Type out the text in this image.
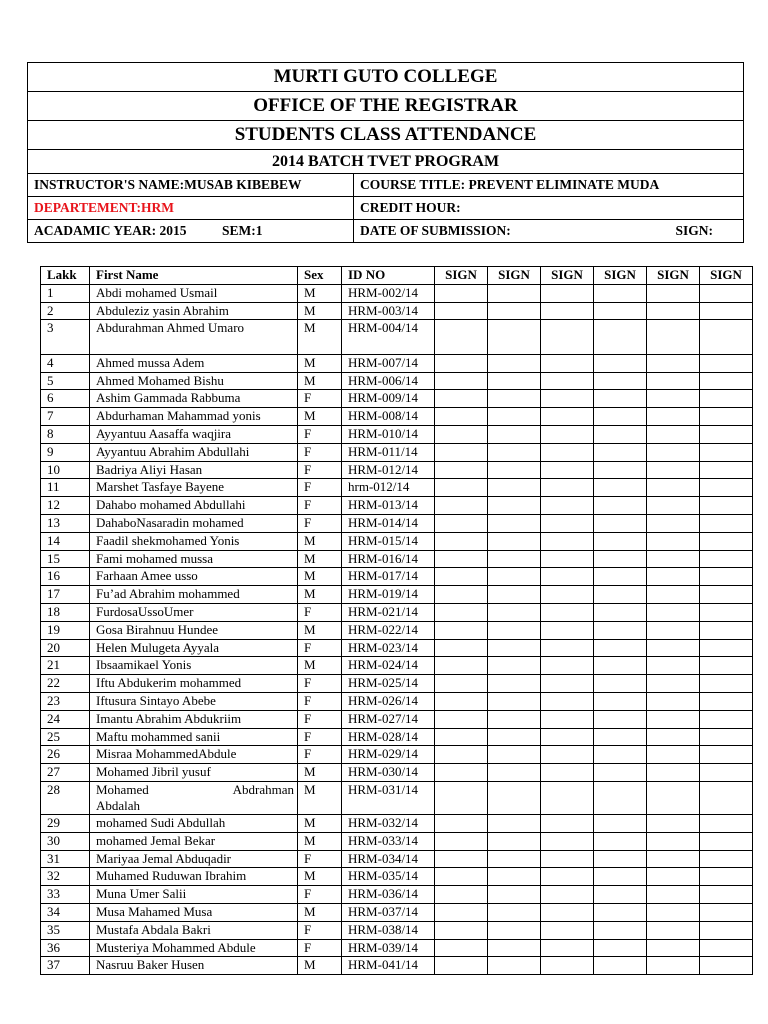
MURTI GUTO COLLEGE	
OFFICE OF THE REGISTRAR	
STUDENTS CLASS ATTENDANCE	
2014 BATCH TVET PROGRAM	
INSTRUCTOR'S NAME:MUSAB KIBEBEW	COURSE TITLE: PREVENT ELIMINATE MUDA
DEPARTEMENT:HRM	CREDIT HOUR:
ACADAMIC YEAR: 2015 SEM:1	DATE OF SUBMISSION: SIGN:
Lakk	First Name	Sex	ID NO	SIGN	SIGN	SIGN	SIGN	SIGN	SIGN
1	Abdi mohamed Usmail	M	HRM-002/14						
2	Abduleziz yasin Abrahim	M	HRM-003/14						
3	Abdurahman Ahmed Umaro	M	HRM-004/14						
4	Ahmed mussa Adem	M	HRM-007/14						
5	Ahmed Mohamed Bishu	M	HRM-006/14						
6	Ashim Gammada Rabbuma	F	HRM-009/14						
7	Abdurhaman Mahammad yonis	M	HRM-008/14						
8	Ayyantuu Aasaffa waqjira	F	HRM-010/14						
9	Ayyantuu Abrahim Abdullahi	F	HRM-011/14						
10	Badriya Aliyi Hasan	F	HRM-012/14						
11	Marshet Tasfaye Bayene	F	hrm-012/14						
12	Dahabo mohamed Abdullahi	F	HRM-013/14						
13	DahaboNasaradin mohamed	F	HRM-014/14						
14	Faadil shekmohamed Yonis	M	HRM-015/14						
15	Fami mohamed mussa	M	HRM-016/14						
16	Farhaan Amee usso	M	HRM-017/14						
17	Fu’ad Abrahim mohammed	M	HRM-019/14						
18	FurdosaUssoUmer	F	HRM-021/14						
19	Gosa Birahnuu Hundee	M	HRM-022/14						
20	Helen Mulugeta Ayyala	F	HRM-023/14						
21	Ibsaamikael Yonis	M	HRM-024/14						
22	Iftu Abdukerim mohammed	F	HRM-025/14						
23	Iftusura Sintayo Abebe	F	HRM-026/14						
24	Imantu Abrahim Abdukriim	F	HRM-027/14						
25	Maftu mohammed sanii	F	HRM-028/14						
26	Misraa MohammedAbdule	F	HRM-029/14						
27	Mohamed Jibril yusuf	M	HRM-030/14						
28	Mohamed Abdrahman
Abdalah	M	HRM-031/14						
29	mohamed Sudi Abdullah	M	HRM-032/14						
30	mohamed Jemal Bekar	M	HRM-033/14						
31	Mariyaa Jemal Abduqadir	F	HRM-034/14						
32	Muhamed Ruduwan Ibrahim	M	HRM-035/14						
33	Muna Umer Salii	F	HRM-036/14						
34	Musa Mahamed Musa	M	HRM-037/14						
35	Mustafa Abdala Bakri	F	HRM-038/14						
36	Musteriya Mohammed Abdule	F	HRM-039/14						
37	Nasruu Baker Husen	M	HRM-041/14						
